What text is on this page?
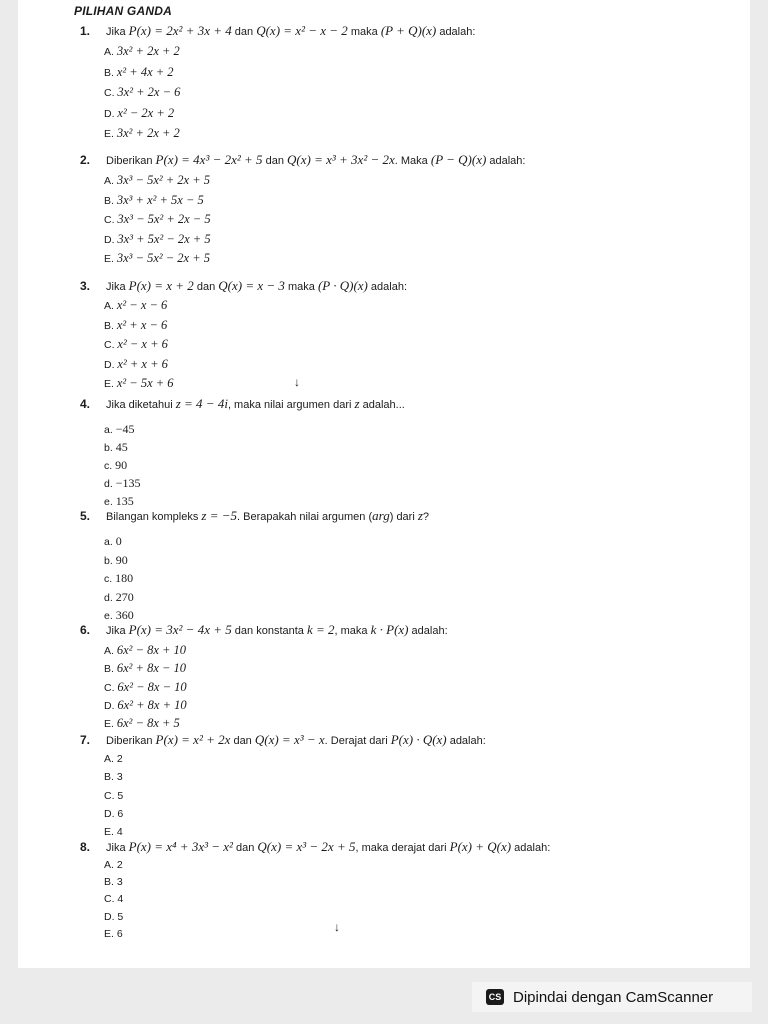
PILIHAN GANDA
1. Jika P(x) = 2x² + 3x + 4 dan Q(x) = x² − x − 2 maka (P + Q)(x) adalah:
A. 3x² + 2x + 2
B. x² + 4x + 2
C. 3x² + 2x − 6
D. x² − 2x + 2
E. 3x² + 2x + 2
2. Diberikan P(x) = 4x³ − 2x² + 5 dan Q(x) = x³ + 3x² − 2x. Maka (P − Q)(x) adalah:
A. 3x³ − 5x² + 2x + 5
B. 3x³ + x² + 5x − 5
C. 3x³ − 5x² + 2x − 5
D. 3x³ + 5x² − 2x + 5
E. 3x³ − 5x² − 2x + 5
3. Jika P(x) = x + 2 dan Q(x) = x − 3 maka (P · Q)(x) adalah:
A. x² − x − 6
B. x² + x − 6
C. x² − x + 6
D. x² + x + 6
E. x² − 5x + 6
4. Jika diketahui z = 4 − 4i, maka nilai argumen dari z adalah...
a. −45
b. 45
c. 90
d. −135
e. 135
5. Bilangan kompleks z = −5. Berapakah nilai argumen (arg) dari z?
a. 0
b. 90
c. 180
d. 270
e. 360
6. Jika P(x) = 3x² − 4x + 5 dan konstanta k = 2, maka k · P(x) adalah:
A. 6x² − 8x + 10
B. 6x² + 8x − 10
C. 6x² − 8x − 10
D. 6x² + 8x + 10
E. 6x² − 8x + 5
7. Diberikan P(x) = x² + 2x dan Q(x) = x³ − x. Derajat dari P(x) · Q(x) adalah:
A. 2
B. 3
C. 5
D. 6
E. 4
8. Jika P(x) = x⁴ + 3x³ − x² dan Q(x) = x³ − 2x + 5, maka derajat dari P(x) + Q(x) adalah:
A. 2
B. 3
C. 4
D. 5
E. 6
↓
↓
CS Dipindai dengan CamScanner
